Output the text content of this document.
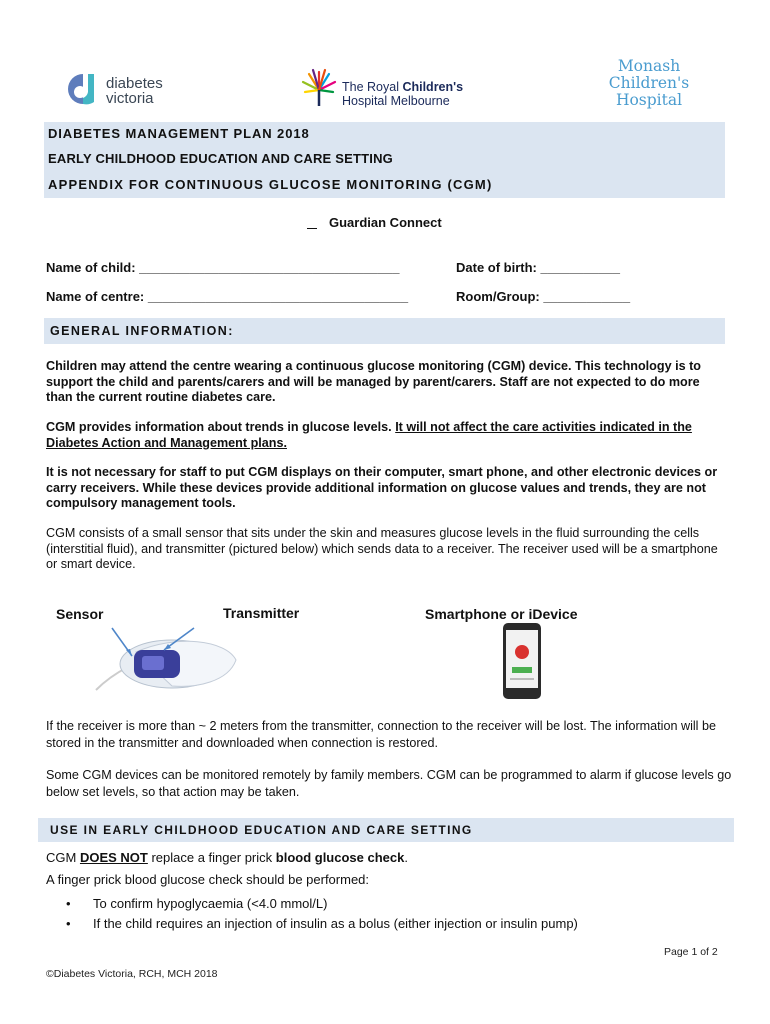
diabetes
victoria
The Royal Children's
Hospital Melbourne
Monash
Children's
Hospital
DIABETES MANAGEMENT PLAN 2018
EARLY CHILDHOOD EDUCATION AND CARE SETTING
APPENDIX FOR CONTINUOUS GLUCOSE MONITORING (CGM)
Guardian Connect
Name of child: ____________________________________	Date of birth: ___________
Name of centre: ____________________________________	Room/Group: ____________
GENERAL INFORMATION:
Children may attend the centre wearing a continuous glucose monitoring (CGM) device. This technology is to support the child and parents/carers and will be managed by parent/carers. Staff are not expected to do more than the current routine diabetes care.
CGM provides information about trends in glucose levels. It will not affect the care activities indicated in the Diabetes Action and Management plans.
It is not necessary for staff to put CGM displays on their computer, smart phone, and other electronic devices or carry receivers. While these devices provide additional information on glucose values and trends, they are not compulsory management tools.
CGM consists of a small sensor that sits under the skin and measures glucose levels in the fluid surrounding the cells (interstitial fluid), and transmitter (pictured below) which sends data to a receiver. The receiver used will be a smartphone or smart device.
Sensor	Transmitter	Smartphone or iDevice
If the receiver is more than ~ 2 meters from the transmitter, connection to the receiver will be lost. The information will be stored in the transmitter and downloaded when connection is restored.
Some CGM devices can be monitored remotely by family members. CGM can be programmed to alarm if glucose levels go below set levels, so that action may be taken.
USE IN EARLY CHILDHOOD EDUCATION AND CARE SETTING
CGM DOES NOT replace a finger prick blood glucose check.
A finger prick blood glucose check should be performed:
• To confirm hypoglycaemia (<4.0 mmol/L)
• If the child requires an injection of insulin as a bolus (either injection or insulin pump)
Page 1 of 2
©Diabetes Victoria, RCH, MCH 2018
